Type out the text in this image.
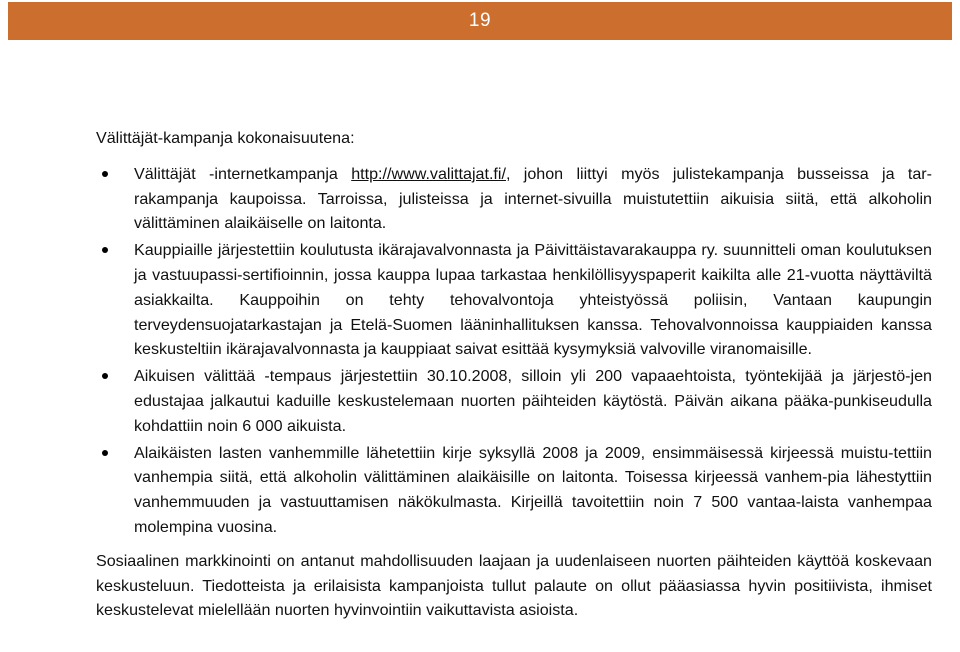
19

Välittäjät-kampanja kokonaisuutena:

Välittäjät -internetkampanja http://www.valittajat.fi/, johon liittyi myös julistekampanja busseissa ja tar-rakampanja kaupoissa. Tarroissa, julisteissa ja internet-sivuilla muistutettiin aikuisia siitä, että alkoholin välittäminen alaikäiselle on laitonta.
Kauppiaille järjestettiin koulutusta ikärajavalvonnasta ja Päivittäistavarakauppa ry. suunnitteli oman koulutuksen ja vastuupassi-sertifioinnin, jossa kauppa lupaa tarkastaa henkilöllisyyspaperit kaikilta alle 21-vuotta näyttäviltä asiakkailta. Kauppoihin on tehty tehovalvontoja yhteistyössä poliisin, Vantaan kaupungin terveydensuojatarkastajan ja Etelä-Suomen lääninhallituksen kanssa. Tehovalvonnoissa kauppiaiden kanssa keskusteltiin ikärajavalvonnasta ja kauppiaat saivat esittää kysymyksiä valvoville viranomaisille.
Aikuisen välittää -tempaus järjestettiin 30.10.2008, silloin yli 200 vapaaehtoista, työntekijää ja järjestö-jen edustajaa jalkautui kaduille keskustelemaan nuorten päihteiden käytöstä. Päivän aikana pääka-punkiseudulla kohdattiin noin 6 000 aikuista.
Alaikäisten lasten vanhemmille lähetettiin kirje syksyllä 2008 ja 2009, ensimmäisessä kirjeessä muistu-tettiin vanhempia siitä, että alkoholin välittäminen alaikäisille on laitonta. Toisessa kirjeessä vanhem-pia lähestyttiin vanhemmuuden ja vastuuttamisen näkökulmasta. Kirjeillä tavoitettiin noin 7 500 vantaa-laista vanhempaa molempina vuosina.

Sosiaalinen markkinointi on antanut mahdollisuuden laajaan ja uudenlaiseen nuorten päihteiden käyttöä koskevaan keskusteluun. Tiedotteista ja erilaisista kampanjoista tullut palaute on ollut pääasiassa hyvin positiivista, ihmiset keskustelevat mielellään nuorten hyvinvointiin vaikuttavista asioista.
